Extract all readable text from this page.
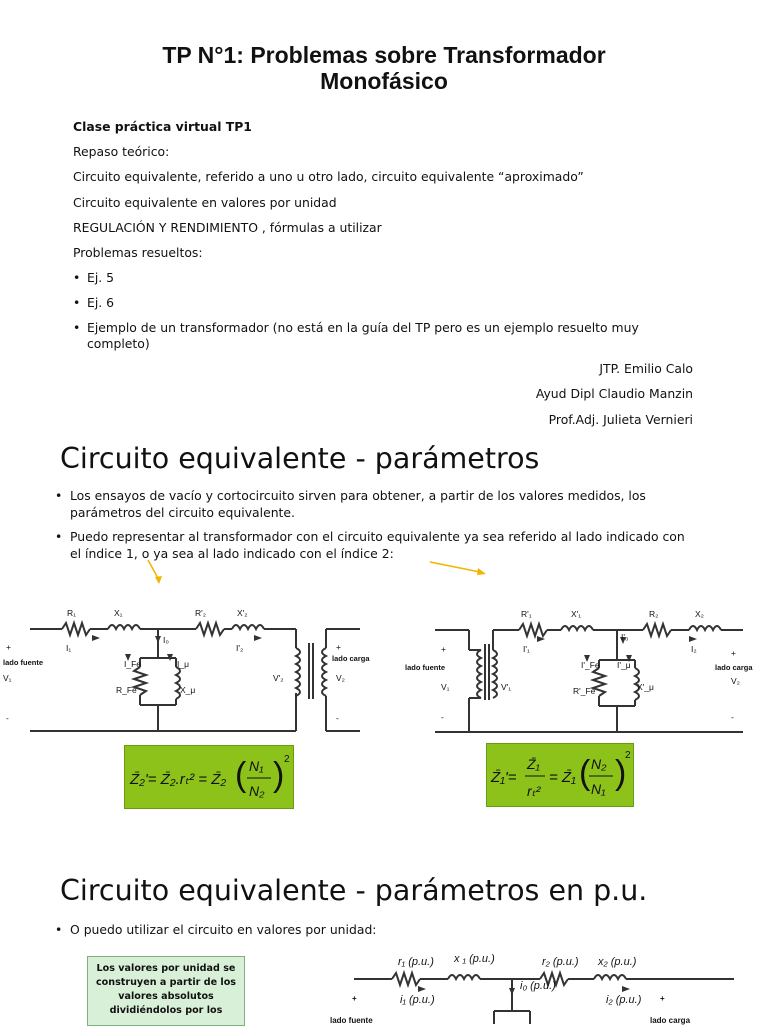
TP N°1: Problemas sobre Transformador
Monofásico
Clase práctica virtual TP1
Repaso teórico:
Circuito equivalente, referido a uno u otro lado, circuito equivalente “aproximado”
Circuito equivalente en valores por unidad
REGULACIÓN Y RENDIMIENTO , fórmulas a utilizar
Problemas resueltos:
• Ej. 5
• Ej. 6
• Ejemplo de un transformador (no está en la guía del TP pero es un ejemplo resuelto muy completo)
JTP. Emilio Calo
Ayud Dipl Claudio Manzin
Prof.Adj. Julieta Vernieri
Circuito equivalente - parámetros
• Los ensayos de vacío y cortocircuito sirven para obtener, a partir de los valores medidos, los parámetros del circuito equivalente.
• Puedo representar al transformador con el circuito equivalente ya sea referido al lado indicado con el índice 1, o ya sea al lado indicado con el índice 2:
R₁	X₁	R'₂	X'₂
I₁
I₀
I'₂
I_Fe	I_μ
R_Fe	X_μ
V₁	V'₂	V₂
lado fuente	lado carga
+
-
+
-
R'₁	X'₁	R₂	X₂
I'₁
I'₀
I₂
I'_Fe I'_μ
R'_Fe	X'_μ
V₁	V'₁
V₂
lado fuente	lado carga
+
-
+
-
Z̄₂'= Z̄₂.rₜ² = Z̄₂ ( N₁
N₂ ) 2
Z̄₁'=
Z̄₁
rₜ²
= Z̄₁ ( N₂
N₁ )
2
Circuito equivalente - parámetros en p.u.
• O puedo utilizar el circuito en valores por unidad:
Los valores por unidad se construyen a partir de los valores absolutos dividiéndolos por los
r₁ (p.u.) x ₁ (p.u.)	r₂ (p.u.) x₂ (p.u.)
i₁ (p.u.)
i₀ (p.u.)
i₂ (p.u.)
lado fuente	lado carga
+	+
